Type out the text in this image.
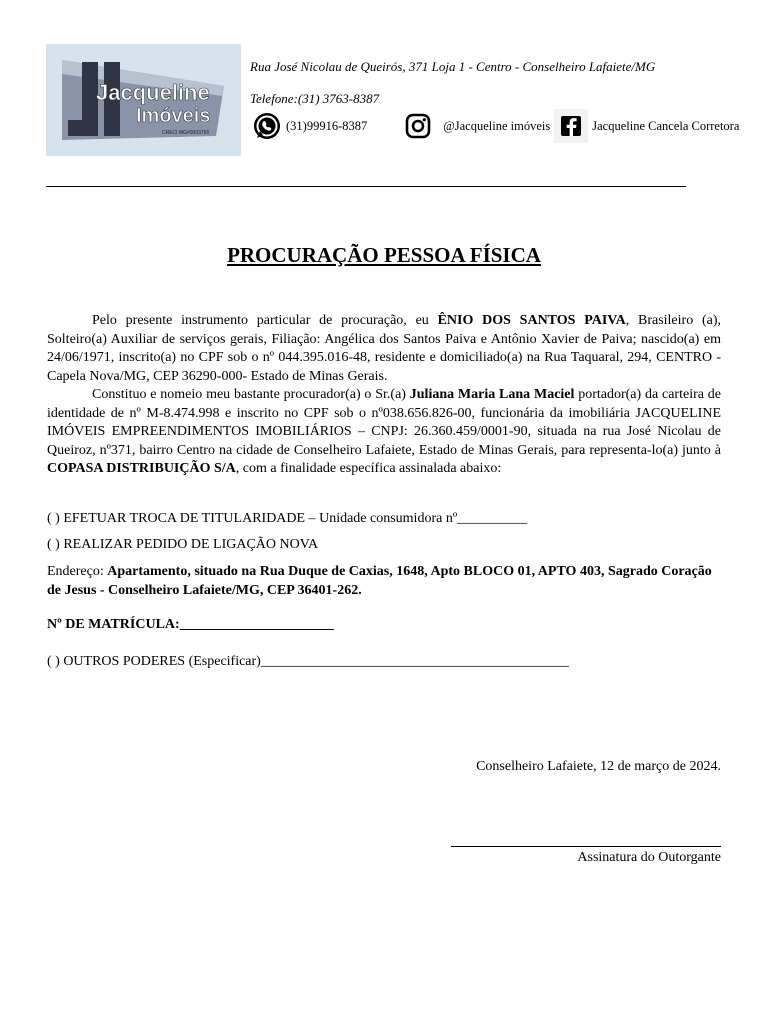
Jacqueline
Imóveis
CRECI MG#0003766
Rua José Nicolau de Queirós, 371 Loja 1 - Centro - Conselheiro Lafaiete/MG
Telefone:(31) 3763-8387
(31)99916-8387	@Jacqueline imóveis	Jacqueline Cancela Corretora
PROCURAÇÃO PESSOA FÍSICA
Pelo presente instrumento particular de procuração, eu ÊNIO DOS SANTOS PAIVA, Brasileiro (a), Solteiro(a) Auxiliar de serviços gerais, Filiação: Angélica dos Santos Paiva e Antônio Xavier de Paiva; nascido(a) em 24/06/1971, inscrito(a) no CPF sob o nº 044.395.016-48, residente e domiciliado(a) na Rua Taquaral, 294, CENTRO - Capela Nova/MG, CEP 36290-000- Estado de Minas Gerais.
Constituo e nomeio meu bastante procurador(a) o Sr.(a) Juliana Maria Lana Maciel portador(a) da carteira de identidade de nº M-8.474.998 e inscrito no CPF sob o nº038.656.826-00, funcionária da imobiliária JACQUELINE IMÓVEIS EMPREENDIMENTOS IMOBILIÁRIOS – CNPJ: 26.360.459/0001-90, situada na rua José Nicolau de Queiroz, nº371, bairro Centro na cidade de Conselheiro Lafaiete, Estado de Minas Gerais, para representa-lo(a) junto à COPASA DISTRIBUIÇÃO S/A, com a finalidade específica assinalada abaixo:
( ) EFETUAR TROCA DE TITULARIDADE – Unidade consumidora nº__________
( ) REALIZAR PEDIDO DE LIGAÇÃO NOVA
Endereço: Apartamento, situado na Rua Duque de Caxias, 1648, Apto BLOCO 01, APTO 403, Sagrado Coração de Jesus - Conselheiro Lafaiete/MG, CEP 36401-262.
Nº DE MATRÍCULA:______________________
( ) OUTROS PODERES (Especificar)____________________________________________
Conselheiro Lafaiete, 12 de março de 2024.
Assinatura do Outorgante
